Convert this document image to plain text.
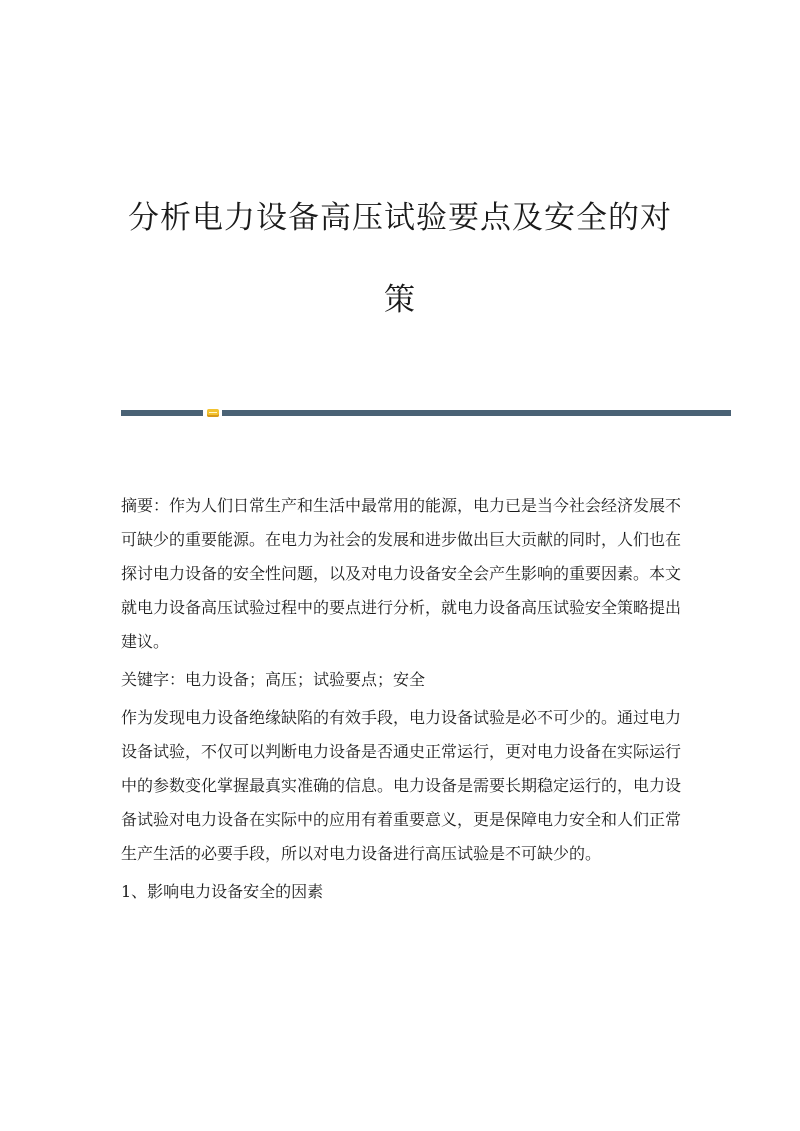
分析电力设备高压试验要点及安全的对
策

摘要：作为人们日常生产和生活中最常用的能源，电力已是当今社会经济发展不可缺少的重要能源。在电力为社会的发展和进步做出巨大贡献的同时，人们也在探讨电力设备的安全性问题，以及对电力设备安全会产生影响的重要因素。本文就电力设备高压试验过程中的要点进行分析，就电力设备高压试验安全策略提出建议。

关键字：电力设备；高压；试验要点；安全

作为发现电力设备绝缘缺陷的有效手段，电力设备试验是必不可少的。通过电力设备试验，不仅可以判断电力设备是否通史正常运行，更对电力设备在实际运行中的参数变化掌握最真实准确的信息。电力设备是需要长期稳定运行的，电力设备试验对电力设备在实际中的应用有着重要意义，更是保障电力安全和人们正常生产生活的必要手段，所以对电力设备进行高压试验是不可缺少的。

1、影响电力设备安全的因素
